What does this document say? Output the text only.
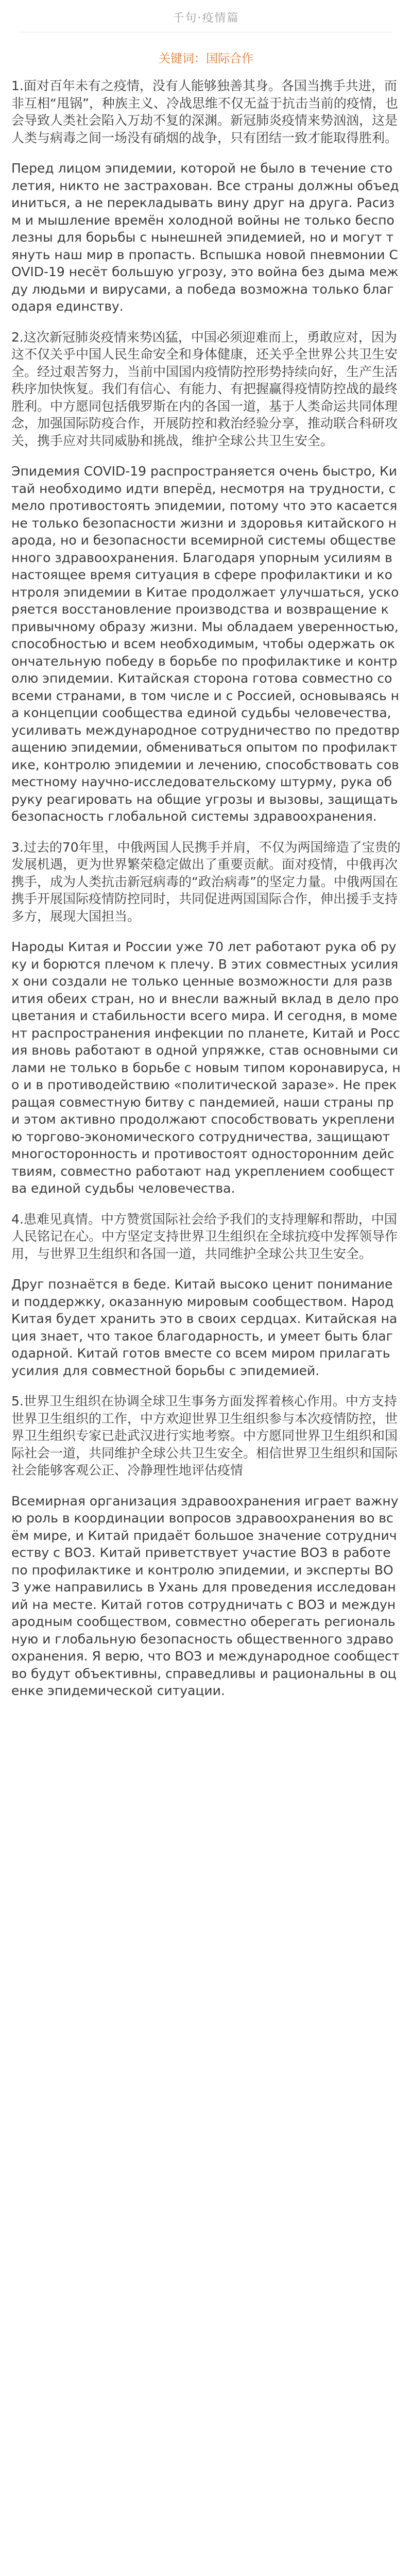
千句·疫情篇
关键词：国际合作

1.面对百年未有之疫情，没有人能够独善其身。各国当携手共进，而非互相“甩锅”，种族主义、冷战思维不仅无益于抗击当前的疫情，也会导致人类社会陷入万劫不复的深渊。新冠肺炎疫情来势汹汹，这是人类与病毒之间一场没有硝烟的战争，只有团结一致才能取得胜利。

Перед лицом эпидемии, которой не было в течение столетия, никто не застрахован. Все страны должны объединиться, а не перекладывать вину друг на друга. Расизм и мышление времён холодной войны не только бесполезны для борьбы с нынешней эпидемией, но и могут тянуть наш мир в пропасть. Вспышка новой пневмонии COVID-19 несёт большую угрозу, это война без дыма между людьми и вирусами, а победа возможна только благодаря единству.

2.这次新冠肺炎疫情来势凶猛，中国必须迎难而上，勇敢应对，因为这不仅关乎中国人民生命安全和身体健康，还关乎全世界公共卫生安全。经过艰苦努力，当前中国国内疫情防控形势持续向好，生产生活秩序加快恢复。我们有信心、有能力、有把握赢得疫情防控战的最终胜利。中方愿同包括俄罗斯在内的各国一道，基于人类命运共同体理念，加强国际防疫合作，开展防控和救治经验分享，推动联合科研攻关，携手应对共同威胁和挑战，维护全球公共卫生安全。

Эпидемия COVID-19 распространяется очень быстро, Китай необходимо идти вперёд, несмотря на трудности, смело противостоять эпидемии, потому что это касается не только безопасности жизни и здоровья китайского народа, но и безопасности всемирной системы общественного здравоохранения. Благодаря упорным усилиям в настоящее время ситуация в сфере профилактики и контроля эпидемии в Китае продолжает улучшаться, ускоряется восстановление производства и возвращение к привычному образу жизни. Мы обладаем уверенностью, способностью и всем необходимым, чтобы одержать окончательную победу в борьбе по профилактике и контролю эпидемии. Китайская сторона готова совместно со всеми странами, в том числе и с Россией, основываясь на концепции сообщества единой судьбы человечества, усиливать международное сотрудничество по предотвращению эпидемии, обмениваться опытом по профилактике, контролю эпидемии и лечению, способствовать совместному научно-исследовательскому штурму, рука об руку реагировать на общие угрозы и вызовы, защищать безопасность глобальной системы здравоохранения.

3.过去的70年里，中俄两国人民携手并肩，不仅为两国缔造了宝贵的发展机遇，更为世界繁荣稳定做出了重要贡献。面对疫情，中俄再次携手，成为人类抗击新冠病毒的“政治病毒”的坚定力量。中俄两国在携手开展国际疫情防控同时，共同促进两国国际合作，伸出援手支持多方，展现大国担当。

Народы Китая и России уже 70 лет работают рука об руку и борются плечом к плечу. В этих совместных усилиях они создали не только ценные возможности для развития обеих стран, но и внесли важный вклад в дело процветания и стабильности всего мира. И сегодня, в момент распространения инфекции по планете, Китай и Россия вновь работают в одной упряжке, став основными силами не только в борьбе с новым типом коронавируса, но и в противодействию «политической заразе». Не прекращая совместную битву с пандемией, наши страны при этом активно продолжают способствовать укреплению торгово-экономического сотрудничества, защищают многосторонность и противостоят односторонним действиям, совместно работают над укреплением сообщества единой судьбы человечества.

4.患难见真情。中方赞赏国际社会给予我们的支持理解和帮助，中国人民铭记在心。中方坚定支持世界卫生组织在全球抗疫中发挥领导作用，与世界卫生组织和各国一道，共同维护全球公共卫生安全。

Друг познаётся в беде. Китай высоко ценит понимание и поддержку, оказанную мировым сообществом. Народ Китая будет хранить это в своих сердцах. Китайская нация знает, что такое благодарность, и умеет быть благодарной. Китай готов вместе со всем миром прилагать усилия для совместной борьбы с эпидемией.

5.世界卫生组织在协调全球卫生事务方面发挥着核心作用。中方支持世界卫生组织的工作，中方欢迎世界卫生组织参与本次疫情防控，世界卫生组织专家已赴武汉进行实地考察。中方愿同世界卫生组织和国际社会一道，共同维护全球公共卫生安全。相信世界卫生组织和国际社会能够客观公正、冷静理性地评估疫情

Всемирная организация здравоохранения играет важную роль в координации вопросов здравоохранения во всём мире, и Китай придаёт большое значение сотрудничеству с ВОЗ. Китай приветствует участие ВОЗ в работе по профилактике и контролю эпидемии, и эксперты ВОЗ уже направились в Ухань для проведения исследований на месте. Китай готов сотрудничать с ВОЗ и международным сообществом, совместно оберегать региональную и глобальную безопасность общественного здравоохранения. Я верю, что ВОЗ и международное сообщество будут объективны, справедливы и рациональны в оценке эпидемической ситуации.
